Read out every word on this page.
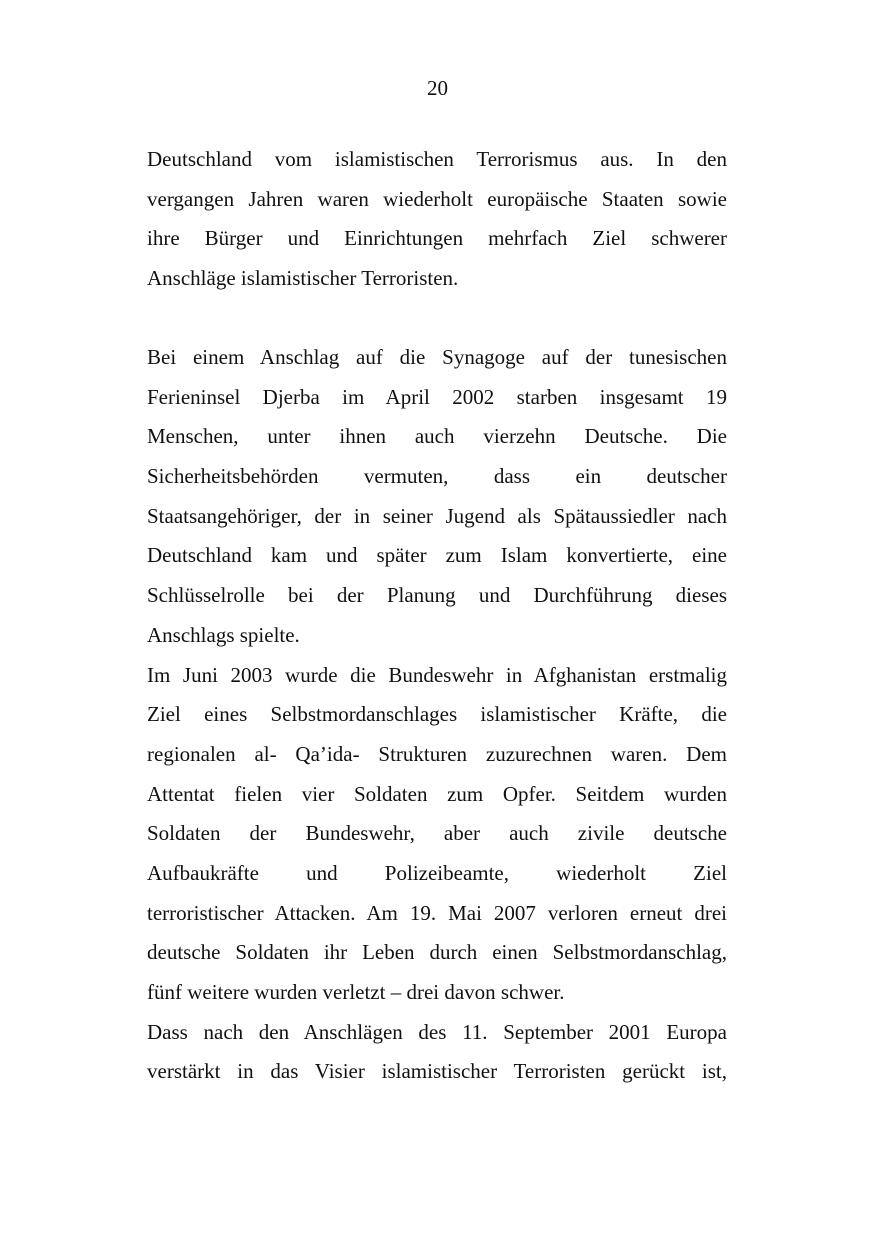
20
Deutschland vom islamistischen Terrorismus aus. In den
vergangen Jahren waren wiederholt europäische Staaten sowie
ihre Bürger und Einrichtungen mehrfach Ziel schwerer
Anschläge islamistischer Terroristen.
Bei einem Anschlag auf die Synagoge auf der tunesischen
Ferieninsel Djerba im April 2002 starben insgesamt 19
Menschen, unter ihnen auch vierzehn Deutsche. Die
Sicherheitsbehörden vermuten, dass ein deutscher
Staatsangehöriger, der in seiner Jugend als Spätaussiedler nach
Deutschland kam und später zum Islam konvertierte, eine
Schlüsselrolle bei der Planung und Durchführung dieses
Anschlags spielte.
Im Juni 2003 wurde die Bundeswehr in Afghanistan erstmalig
Ziel eines Selbstmordanschlages islamistischer Kräfte, die
regionalen al- Qa’ida- Strukturen zuzurechnen waren. Dem
Attentat fielen vier Soldaten zum Opfer. Seitdem wurden
Soldaten der Bundeswehr, aber auch zivile deutsche
Aufbaukräfte und Polizeibeamte, wiederholt Ziel
terroristischer Attacken. Am 19. Mai 2007 verloren erneut drei
deutsche Soldaten ihr Leben durch einen Selbstmordanschlag,
fünf weitere wurden verletzt – drei davon schwer.
Dass nach den Anschlägen des 11. September 2001 Europa
verstärkt in das Visier islamistischer Terroristen gerückt ist,
